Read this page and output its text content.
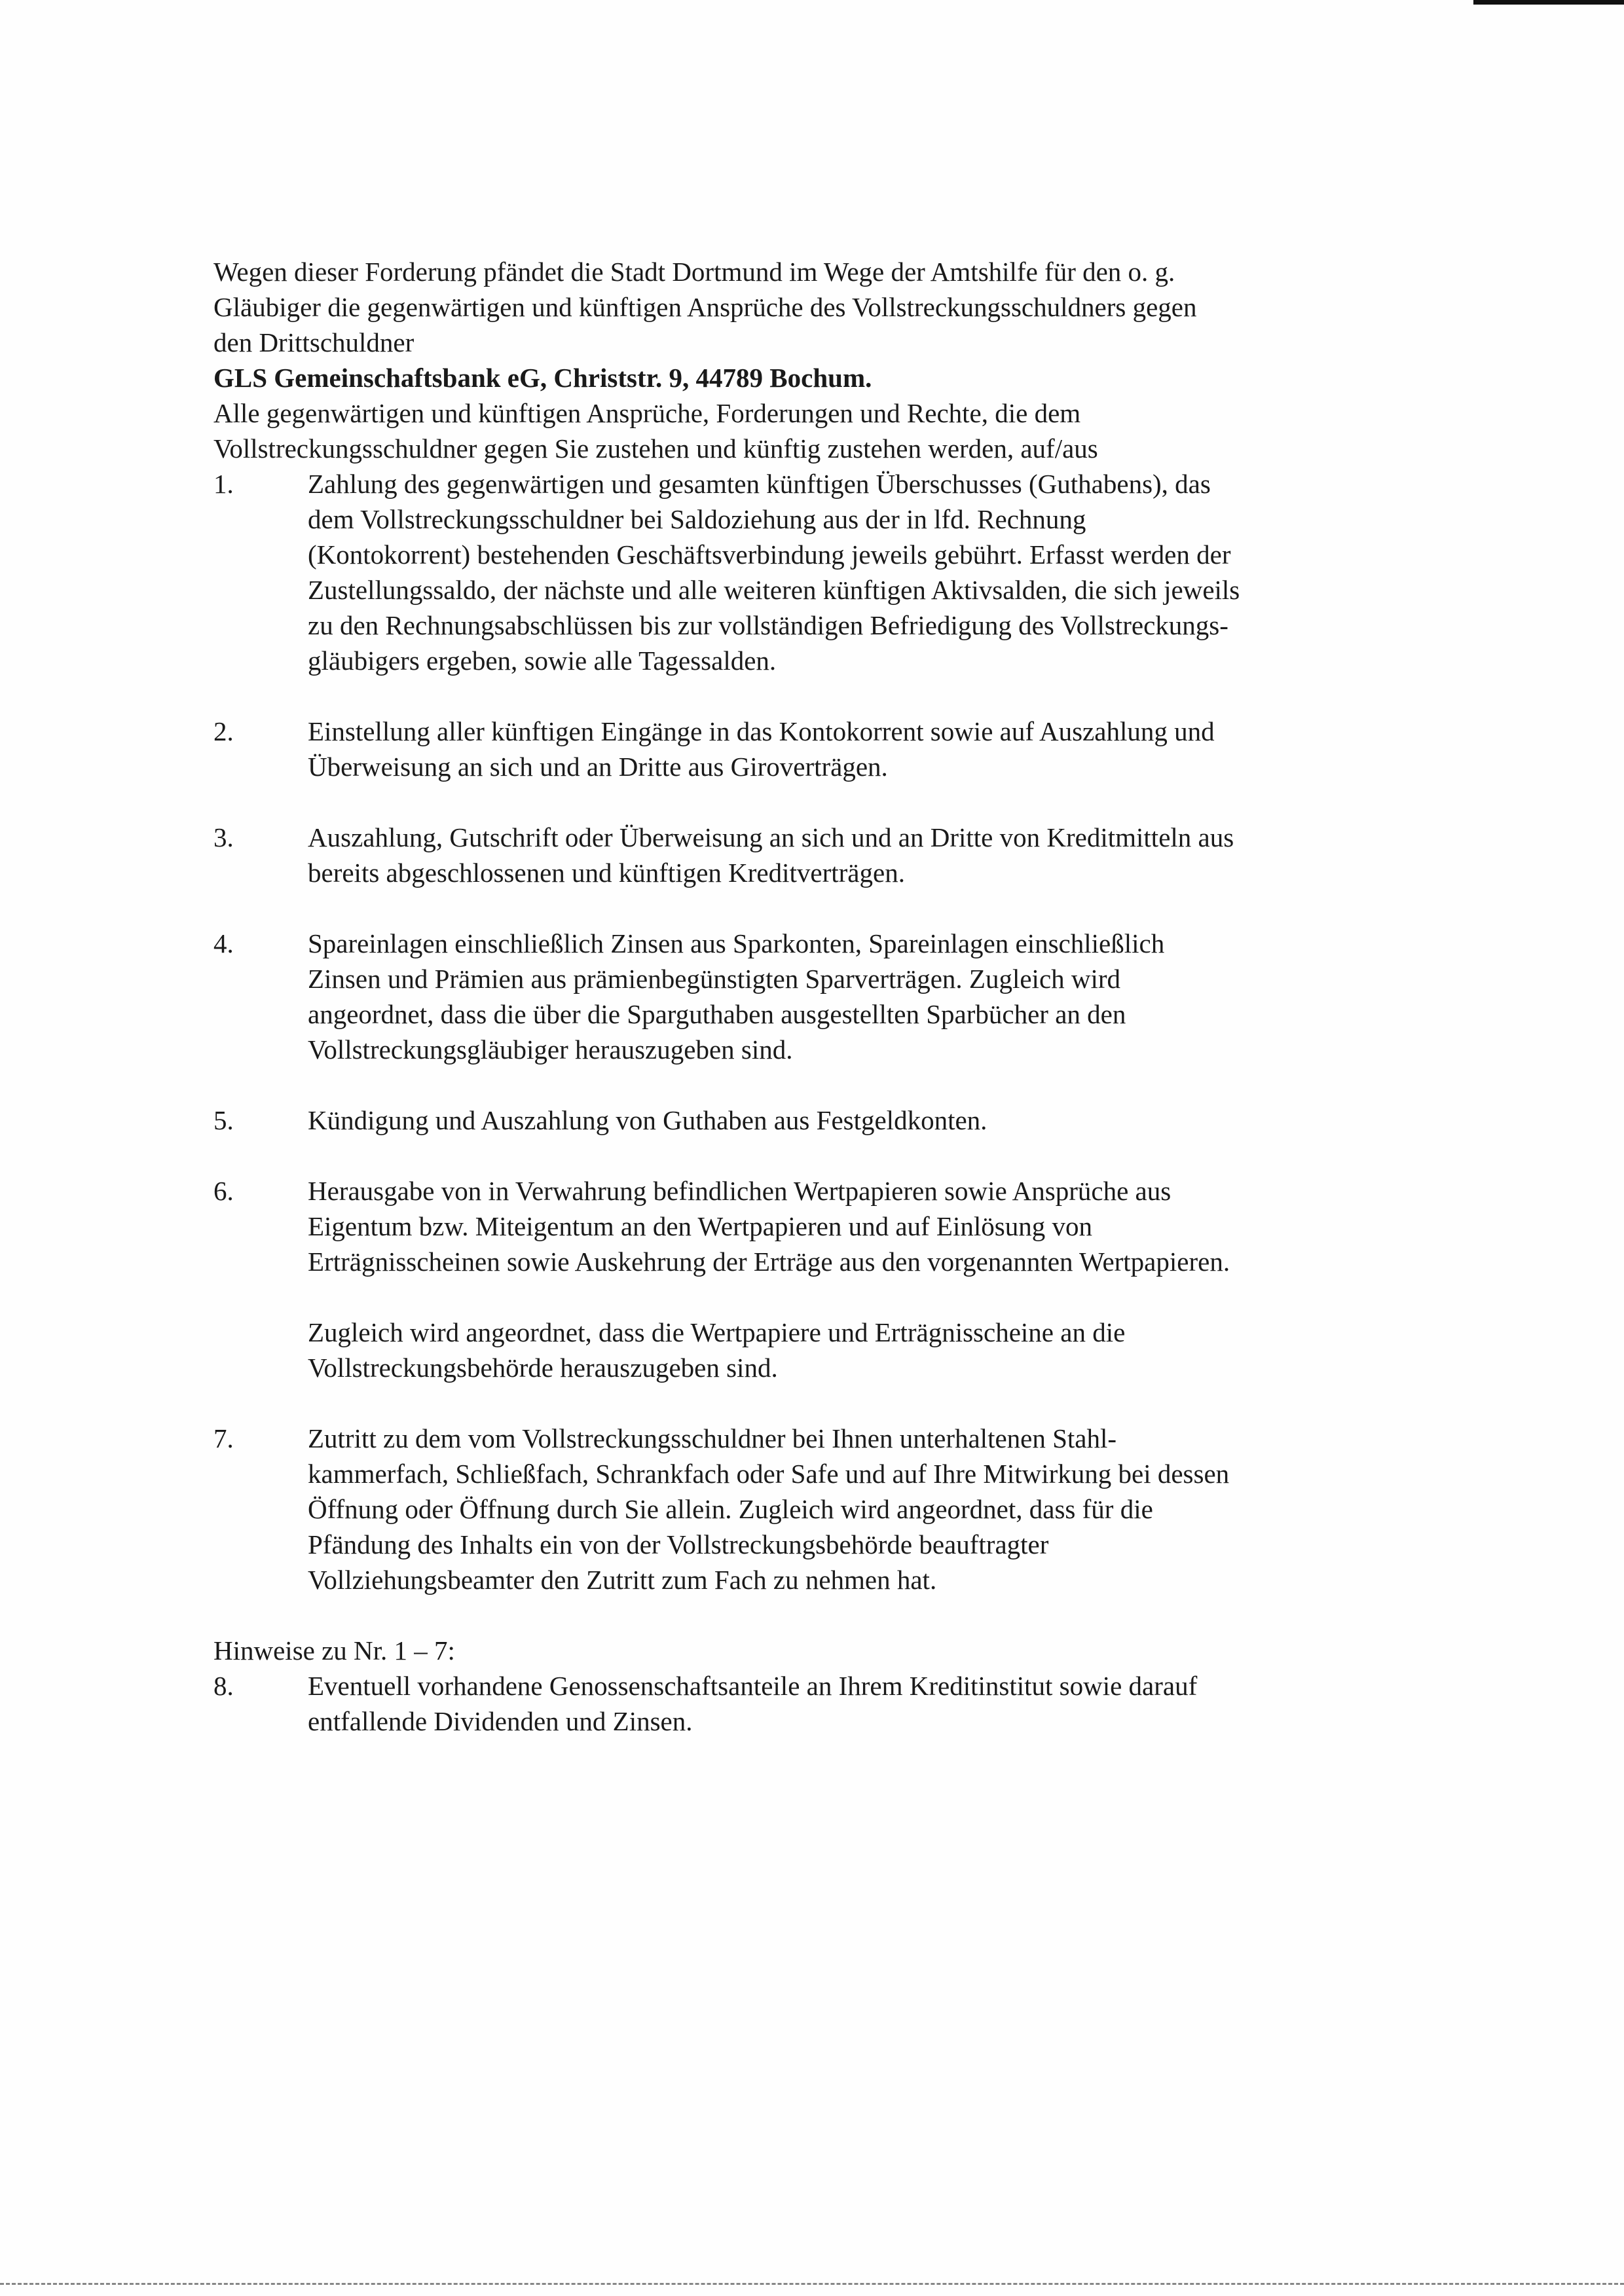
Wegen dieser Forderung pfändet die Stadt Dortmund im Wege der Amtshilfe für den o. g.
Gläubiger die gegenwärtigen und künftigen Ansprüche des Vollstreckungsschuldners gegen
den Drittschuldner

GLS Gemeinschaftsbank eG, Christstr. 9, 44789 Bochum.

Alle gegenwärtigen und künftigen Ansprüche, Forderungen und Rechte, die dem
Vollstreckungsschuldner gegen Sie zustehen und künftig zustehen werden, auf/aus

1.	Zahlung des gegenwärtigen und gesamten künftigen Überschusses (Guthabens), das
dem Vollstreckungsschuldner bei Saldoziehung aus der in lfd. Rechnung
(Kontokorrent) bestehenden Geschäftsverbindung jeweils gebührt. Erfasst werden der
Zustellungssaldo, der nächste und alle weiteren künftigen Aktivsalden, die sich jeweils
zu den Rechnungsabschlüssen bis zur vollständigen Befriedigung des Vollstreckungs-
gläubigers ergeben, sowie alle Tagessalden.
2.	Einstellung aller künftigen Eingänge in das Kontokorrent sowie auf Auszahlung und
Überweisung an sich und an Dritte aus Giroverträgen.
3.	Auszahlung, Gutschrift oder Überweisung an sich und an Dritte von Kreditmitteln aus
bereits abgeschlossenen und künftigen Kreditverträgen.
4.	Spareinlagen einschließlich Zinsen aus Sparkonten, Spareinlagen einschließlich
Zinsen und Prämien aus prämienbegünstigten Sparverträgen. Zugleich wird
angeordnet, dass die über die Sparguthaben ausgestellten Sparbücher an den
Vollstreckungsgläubiger herauszugeben sind.
5.	Kündigung und Auszahlung von Guthaben aus Festgeldkonten.
6.	Herausgabe von in Verwahrung befindlichen Wertpapieren sowie Ansprüche aus
Eigentum bzw. Miteigentum an den Wertpapieren und auf Einlösung von
Erträgnisscheinen sowie Auskehrung der Erträge aus den vorgenannten Wertpapieren.
Zugleich wird angeordnet, dass die Wertpapiere und Erträgnisscheine an die
Vollstreckungsbehörde herauszugeben sind.
7.	Zutritt zu dem vom Vollstreckungsschuldner bei Ihnen unterhaltenen Stahl-
kammerfach, Schließfach, Schrankfach oder Safe und auf Ihre Mitwirkung bei dessen
Öffnung oder Öffnung durch Sie allein. Zugleich wird angeordnet, dass für die
Pfändung des Inhalts ein von der Vollstreckungsbehörde beauftragter
Vollziehungsbeamter den Zutritt zum Fach zu nehmen hat.

Hinweise zu Nr. 1 – 7:

8.	Eventuell vorhandene Genossenschaftsanteile an Ihrem Kreditinstitut sowie darauf
entfallende Dividenden und Zinsen.
